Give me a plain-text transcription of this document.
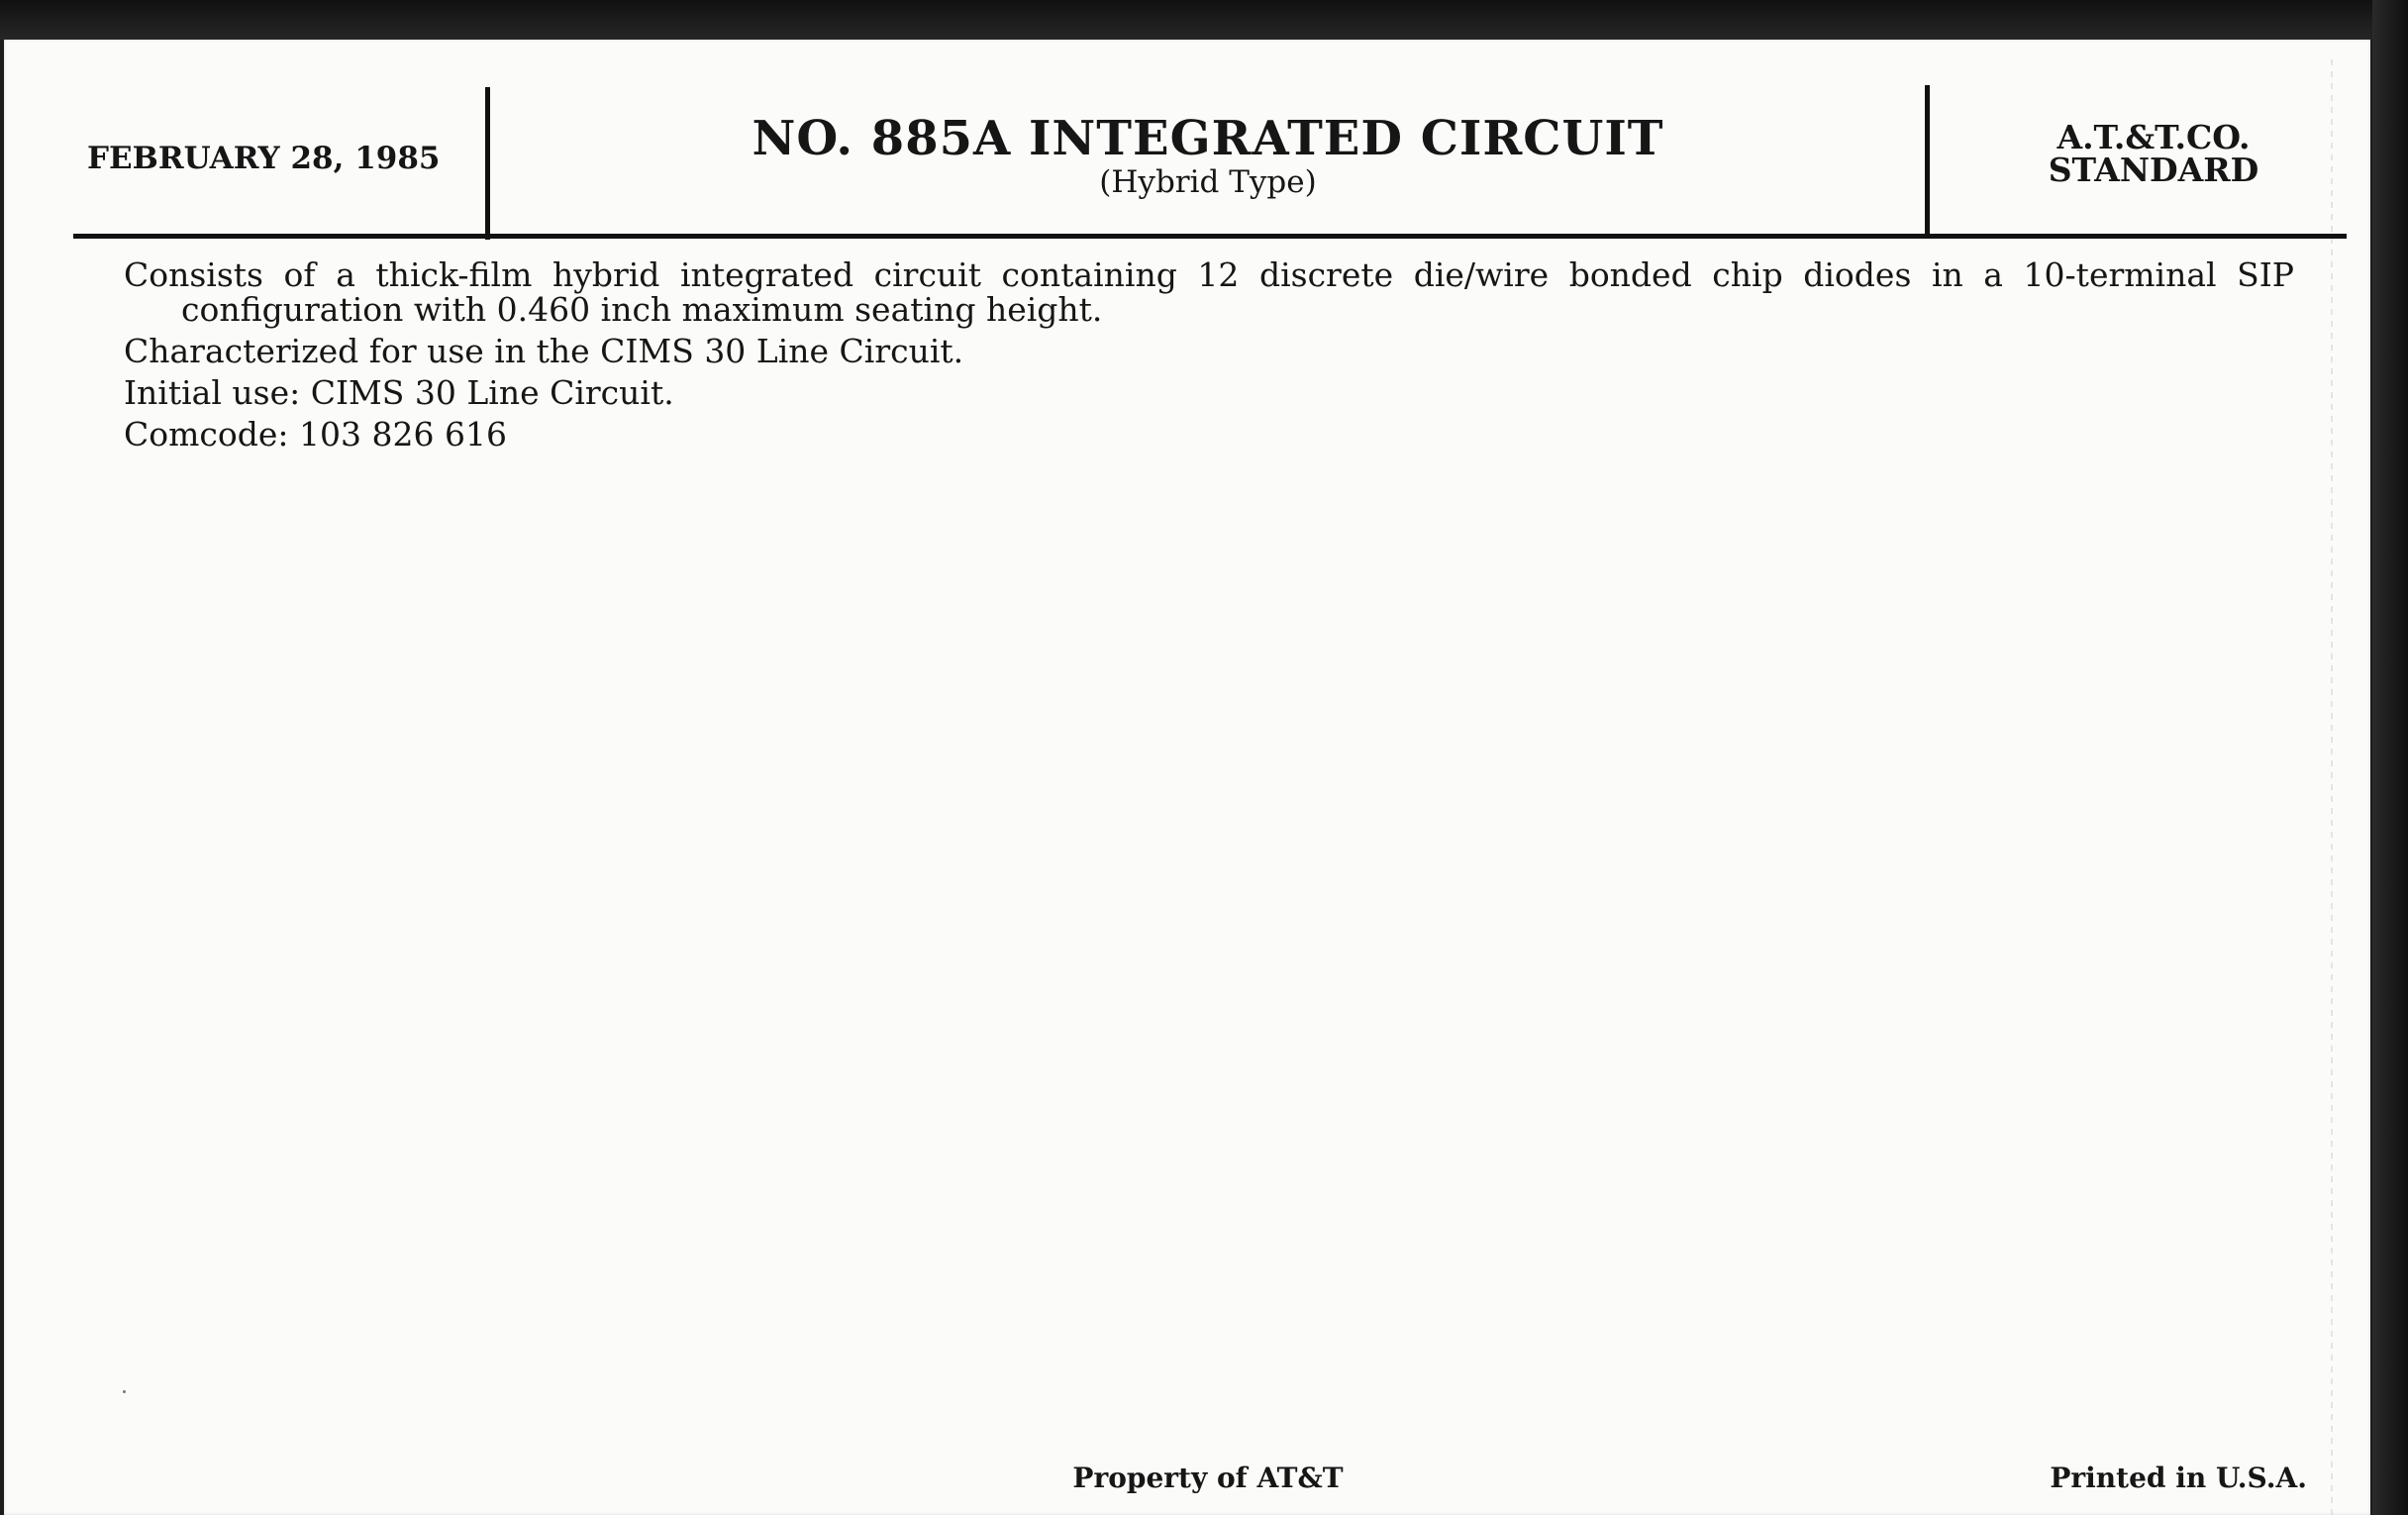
FEBRUARY 28, 1985	NO. 885A INTEGRATED CIRCUIT
(Hybrid Type)
A.T.&T.CO.
STANDARD

Consists of a thick-film hybrid integrated circuit containing 12 discrete die/wire bonded chip diodes in a 10-terminal SIP configuration with 0.460 inch maximum seating height.

Characterized for use in the CIMS 30 Line Circuit.

Initial use: CIMS 30 Line Circuit.

Comcode: 103 826 616

Property of AT&T	Printed in U.S.A.
